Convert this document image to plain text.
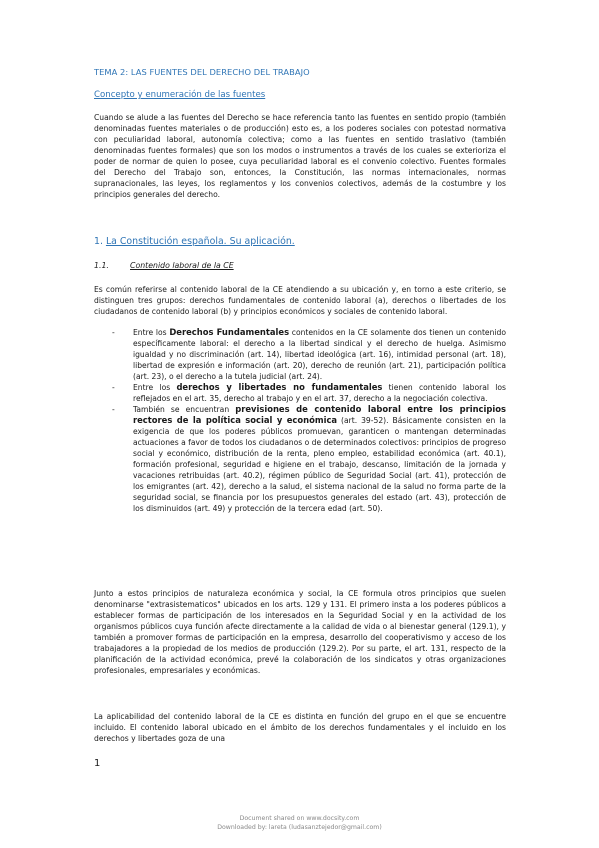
TEMA 2: LAS FUENTES DEL DERECHO DEL TRABAJO
Concepto y enumeración de las fuentes

Cuando se alude a las fuentes del Derecho se hace referencia tanto las fuentes en sentido propio (también denominadas fuentes materiales o de producción) esto es, a los poderes sociales con potestad normativa con peculiaridad laboral, autonomía colectiva; como a las fuentes en sentido traslativo (también denominadas fuentes formales) que son los modos o instrumentos a través de los cuales se exterioriza el poder de normar de quien lo posee, cuya peculiaridad laboral es el convenio colectivo. Fuentes formales del Derecho del Trabajo son, entonces, la Constitución, las normas internacionales, normas supranacionales, las leyes, los reglamentos y los convenios colectivos, además de la costumbre y los principios generales del derecho.

1. La Constitución española. Su aplicación.
1.1.	Contenido laboral de la CE

Es común referirse al contenido laboral de la CE atendiendo a su ubicación y, en torno a este criterio, se distinguen tres grupos: derechos fundamentales de contenido laboral (a), derechos o libertades de los ciudadanos de contenido laboral (b) y principios económicos y sociales de contenido laboral.

- Entre los Derechos Fundamentales contenidos en la CE solamente dos tienen un contenido específicamente laboral: el derecho a la libertad sindical y el derecho de huelga. Asimismo igualdad y no discriminación (art. 14), libertad ideológica (art. 16), intimidad personal (art. 18), libertad de expresión e información (art. 20), derecho de reunión (art. 21), participación política (art. 23), o el derecho a la tutela judicial (art. 24).
- Entre los derechos y libertades no fundamentales tienen contenido laboral los reflejados en el art. 35, derecho al trabajo y en el art. 37, derecho a la negociación colectiva.
- También se encuentran previsiones de contenido laboral entre los principios rectores de la política social y económica (art. 39-52). Básicamente consisten en la exigencia de que los poderes públicos promuevan, garanticen o mantengan determinadas actuaciones a favor de todos los ciudadanos o de determinados colectivos: principios de progreso social y económico, distribución de la renta, pleno empleo, estabilidad económica (art. 40.1), formación profesional, seguridad e higiene en el trabajo, descanso, limitación de la jornada y vacaciones retribuidas (art. 40.2), régimen público de Seguridad Social (art. 41), protección de los emigrantes (art. 42), derecho a la salud, el sistema nacional de la salud no forma parte de la seguridad social, se financia por los presupuestos generales del estado (art. 43), protección de los disminuidos (art. 49) y protección de la tercera edad (art. 50).

Junto a estos principios de naturaleza económica y social, la CE formula otros principios que suelen denominarse "extrasistematicos" ubicados en los arts. 129 y 131. El primero insta a los poderes públicos a establecer formas de participación de los interesados en la Seguridad Social y en la actividad de los organismos públicos cuya función afecte directamente a la calidad de vida o al bienestar general (129.1), y también a promover formas de participación en la empresa, desarrollo del cooperativismo y acceso de los trabajadores a la propiedad de los medios de producción (129.2). Por su parte, el art. 131, respecto de la planificación de la actividad económica, prevé la colaboración de los sindicatos y otras organizaciones profesionales, empresariales y económicas.

La aplicabilidad del contenido laboral de la CE es distinta en función del grupo en el que se encuentre incluido. El contenido laboral ubicado en el ámbito de los derechos fundamentales y el incluido en los derechos y libertades goza de una

1
Document shared on www.docsity.com
Downloaded by: lareta (ludasanztejedor@gmail.com)
